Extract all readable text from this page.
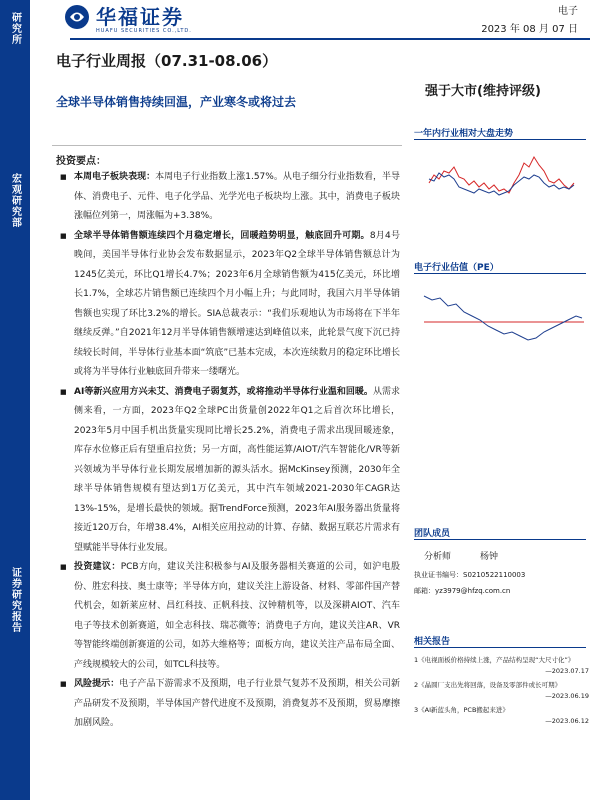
研究所
宏观研究部
证券研究报告
华福证券
HUAFU SECURITIES CO.,LTD.
电子
2023 年 08 月 07 日
电子行业周报（07.31-08.06）
强于大市(维持评级)
全球半导体销售持续回温，产业寒冬或将过去
投资要点：
■ 本周电子板块表现：本周电子行业指数上涨1.57%。从电子细分行业指数看，半导体、消费电子、元件、电子化学品、光学光电子板块均上涨。其中，消费电子板块涨幅位列第一，周涨幅为+3.38%。
■ 全球半导体销售额连续四个月稳定增长，回暖趋势明显，触底回升可期。8月4号晚间，美国半导体行业协会发布数据显示，2023年Q2全球半导体销售额总计为1245亿美元，环比Q1增长4.7%；2023年6月全球销售额为415亿美元，环比增长1.7%，全球芯片销售额已连续四个月小幅上升；与此同时，我国六月半导体销售额也实现了环比3.2%的增长。SIA总裁表示：“我们乐观地认为市场将在下半年继续反弹。”自2021年12月半导体销售额增速达到峰值以来，此轮景气度下沉已持续较长时间，半导体行业基本面“筑底”已基本完成，本次连续数月的稳定环比增长或将为半导体行业触底回升带来一缕曙光。
■ AI等新兴应用方兴未艾、消费电子弱复苏，或将推动半导体行业温和回暖。从需求侧来看，一方面，2023年Q2全球PC出货量创2022年Q1之后首次环比增长，2023年5月中国手机出货量实现同比增长25.2%，消费电子需求出现回暖迹象，库存水位修正后有望重启拉货；另一方面，高性能运算/AIOT/汽车智能化/VR等新兴领域为半导体行业长期发展增加新的源头活水。据McKinsey预测，2030年全球半导体销售规模有望达到1万亿美元，其中汽车领域2021-2030年CAGR达13%-15%，是增长最快的领域。据TrendForce预测，2023年AI服务器出货量将接近120万台，年增38.4%，AI相关应用拉动的计算、存储、数据互联芯片需求有望赋能半导体行业发展。
■ 投资建议：PCB方向，建议关注积极参与AI及服务器相关赛道的公司，如沪电股份、胜宏科技、奥士康等；半导体方向，建议关注上游设备、材料、零部件国产替代机会，如新莱应材、昌红科技、正帆科技、汉钟精机等，以及深耕AIOT、汽车电子等技术创新赛道，如全志科技、瑞芯微等；消费电子方向，建议关注AR、VR等智能终端创新赛道的公司，如苏大维格等；面板方向，建议关注产品布局全面、产线规模较大的公司，如TCL科技等。
■ 风险提示：电子产品下游需求不及预期，电子行业景气复苏不及预期，相关公司新产品研发不及预期，半导体国产替代进度不及预期，消费复苏不及预期，贸易摩擦加剧风险。
一年内行业相对大盘走势
电子行业估值（PE）
团队成员
分析师	杨钟
执业证书编号：S0210522110003
邮箱：yz3979@hfzq.com.cn
相关报告
1《电视面板价格持续上涨，产品结构呈现“大尺寸化”》
—2023.07.17
2《晶圆厂支出先将回落，设备及零部件或长可期》
—2023.06.19
3《AI新蓝头角，PCB搬起来进》
—2023.06.12
